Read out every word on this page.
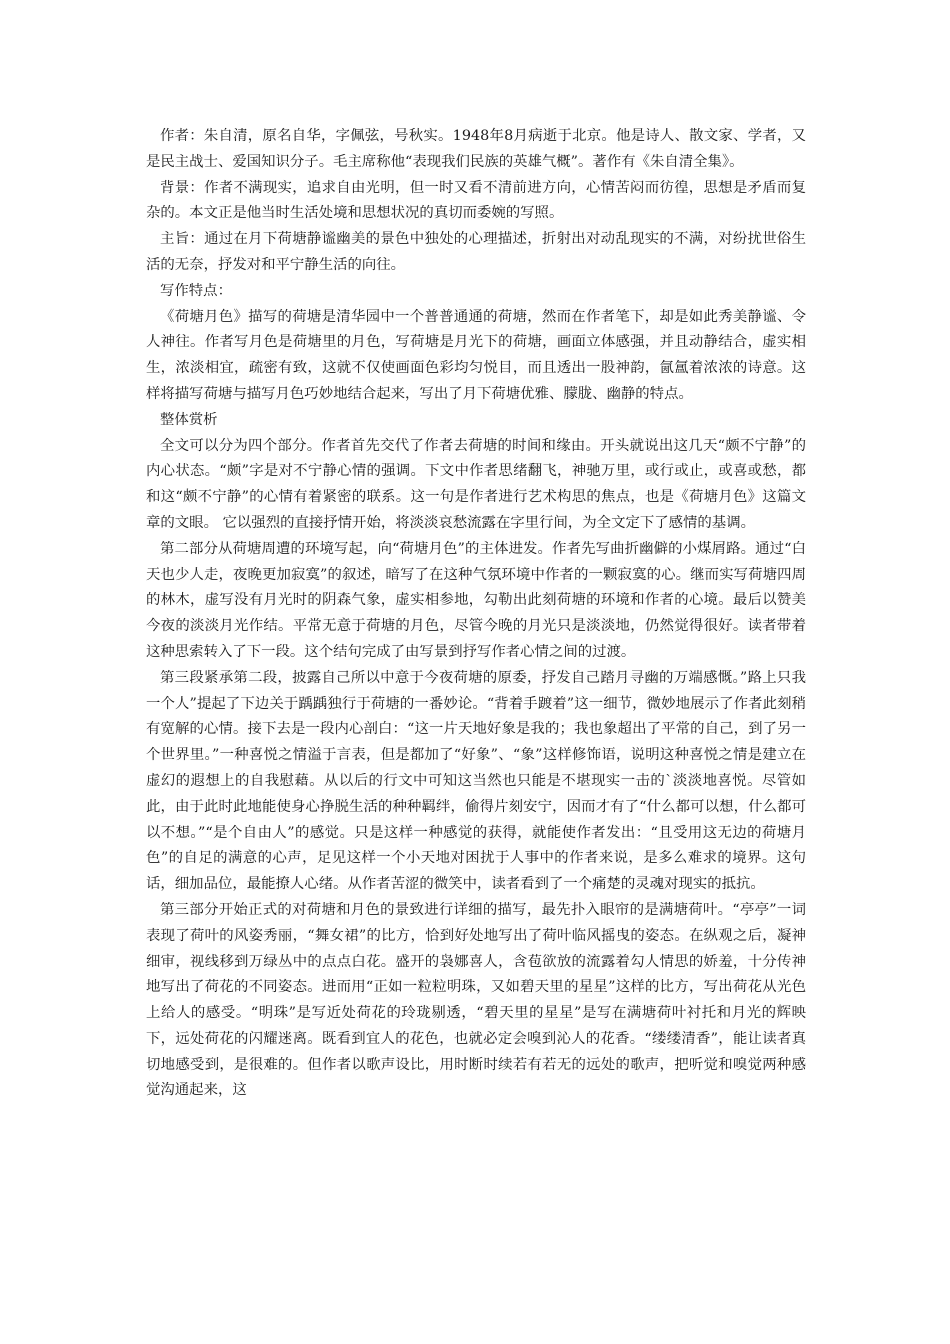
作者：朱自清，原名自华，字佩弦，号秋实。1948年8月病逝于北京。他是诗人、散文家、学者，又是民主战士、爱国知识分子。毛主席称他“表现我们民族的英雄气概”。著作有《朱自清全集》。

背景：作者不满现实，追求自由光明，但一时又看不清前进方向，心情苦闷而彷徨，思想是矛盾而复杂的。本文正是他当时生活处境和思想状况的真切而委婉的写照。

主旨：通过在月下荷塘静谧幽美的景色中独处的心理描述，折射出对动乱现实的不满，对纷扰世俗生活的无奈，抒发对和平宁静生活的向往。

写作特点：

《荷塘月色》描写的荷塘是清华园中一个普普通通的荷塘，然而在作者笔下，却是如此秀美静谧、令人神往。作者写月色是荷塘里的月色，写荷塘是月光下的荷塘，画面立体感强，并且动静结合，虚实相生，浓淡相宜，疏密有致，这就不仅使画面色彩均匀悦目，而且透出一股神韵，氤氲着浓浓的诗意。这样将描写荷塘与描写月色巧妙地结合起来，写出了月下荷塘优雅、朦胧、幽静的特点。

整体赏析

全文可以分为四个部分。作者首先交代了作者去荷塘的时间和缘由。开头就说出这几天“颇不宁静”的内心状态。“颇”字是对不宁静心情的强调。下文中作者思绪翻飞，神驰万里，或行或止，或喜或愁，都和这“颇不宁静”的心情有着紧密的联系。这一句是作者进行艺术构思的焦点，也是《荷塘月色》这篇文章的文眼。 它以强烈的直接抒情开始，将淡淡哀愁流露在字里行间，为全文定下了感情的基调。

第二部分从荷塘周遭的环境写起，向“荷塘月色”的主体进发。作者先写曲折幽僻的小煤屑路。通过“白天也少人走，夜晚更加寂寞”的叙述，暗写了在这种气氛环境中作者的一颗寂寞的心。继而实写荷塘四周的林木，虚写没有月光时的阴森气象，虚实相参地，勾勒出此刻荷塘的环境和作者的心境。最后以赞美今夜的淡淡月光作结。平常无意于荷塘的月色，尽管今晚的月光只是淡淡地，仍然觉得很好。读者带着这种思索转入了下一段。这个结句完成了由写景到抒写作者心情之间的过渡。

第三段紧承第二段，披露自己所以中意于今夜荷塘的原委，抒发自己踏月寻幽的万端感慨。”路上只我一个人”提起了下边关于踽踽独行于荷塘的一番妙论。“背着手踱着”这一细节，微妙地展示了作者此刻稍有宽解的心情。接下去是一段内心剖白：“这一片天地好象是我的；我也象超出了平常的自己，到了另一个世界里。”一种喜悦之情溢于言表，但是都加了“好象”、“象”这样修饰语，说明这种喜悦之情是建立在虚幻的遐想上的自我慰藉。从以后的行文中可知这当然也只能是不堪现实一击的`淡淡地喜悦。尽管如此，由于此时此地能使身心挣脱生活的种种羁绊，偷得片刻安宁，因而才有了“什么都可以想，什么都可以不想。”“是个自由人”的感觉。只是这样一种感觉的获得，就能使作者发出：“且受用这无边的荷塘月色”的自足的满意的心声，足见这样一个小天地对困扰于人事中的作者来说，是多么难求的境界。这句话，细加品位，最能撩人心绪。从作者苦涩的微笑中，读者看到了一个痛楚的灵魂对现实的抵抗。

第三部分开始正式的对荷塘和月色的景致进行详细的描写，最先扑入眼帘的是满塘荷叶。“亭亭”一词表现了荷叶的风姿秀丽，“舞女裙”的比方，恰到好处地写出了荷叶临风摇曳的姿态。在纵观之后，凝神细审，视线移到万绿丛中的点点白花。盛开的袅娜喜人，含苞欲放的流露着勾人情思的娇羞，十分传神地写出了荷花的不同姿态。进而用“正如一粒粒明珠，又如碧天里的星星”这样的比方，写出荷花从光色上给人的感受。“明珠”是写近处荷花的玲珑剔透，“碧天里的星星”是写在满塘荷叶衬托和月光的辉映下，远处荷花的闪耀迷离。既看到宜人的花色，也就必定会嗅到沁人的花香。“缕缕清香”，能让读者真切地感受到，是很难的。但作者以歌声设比，用时断时续若有若无的远处的歌声，把听觉和嗅觉两种感觉沟通起来，这
